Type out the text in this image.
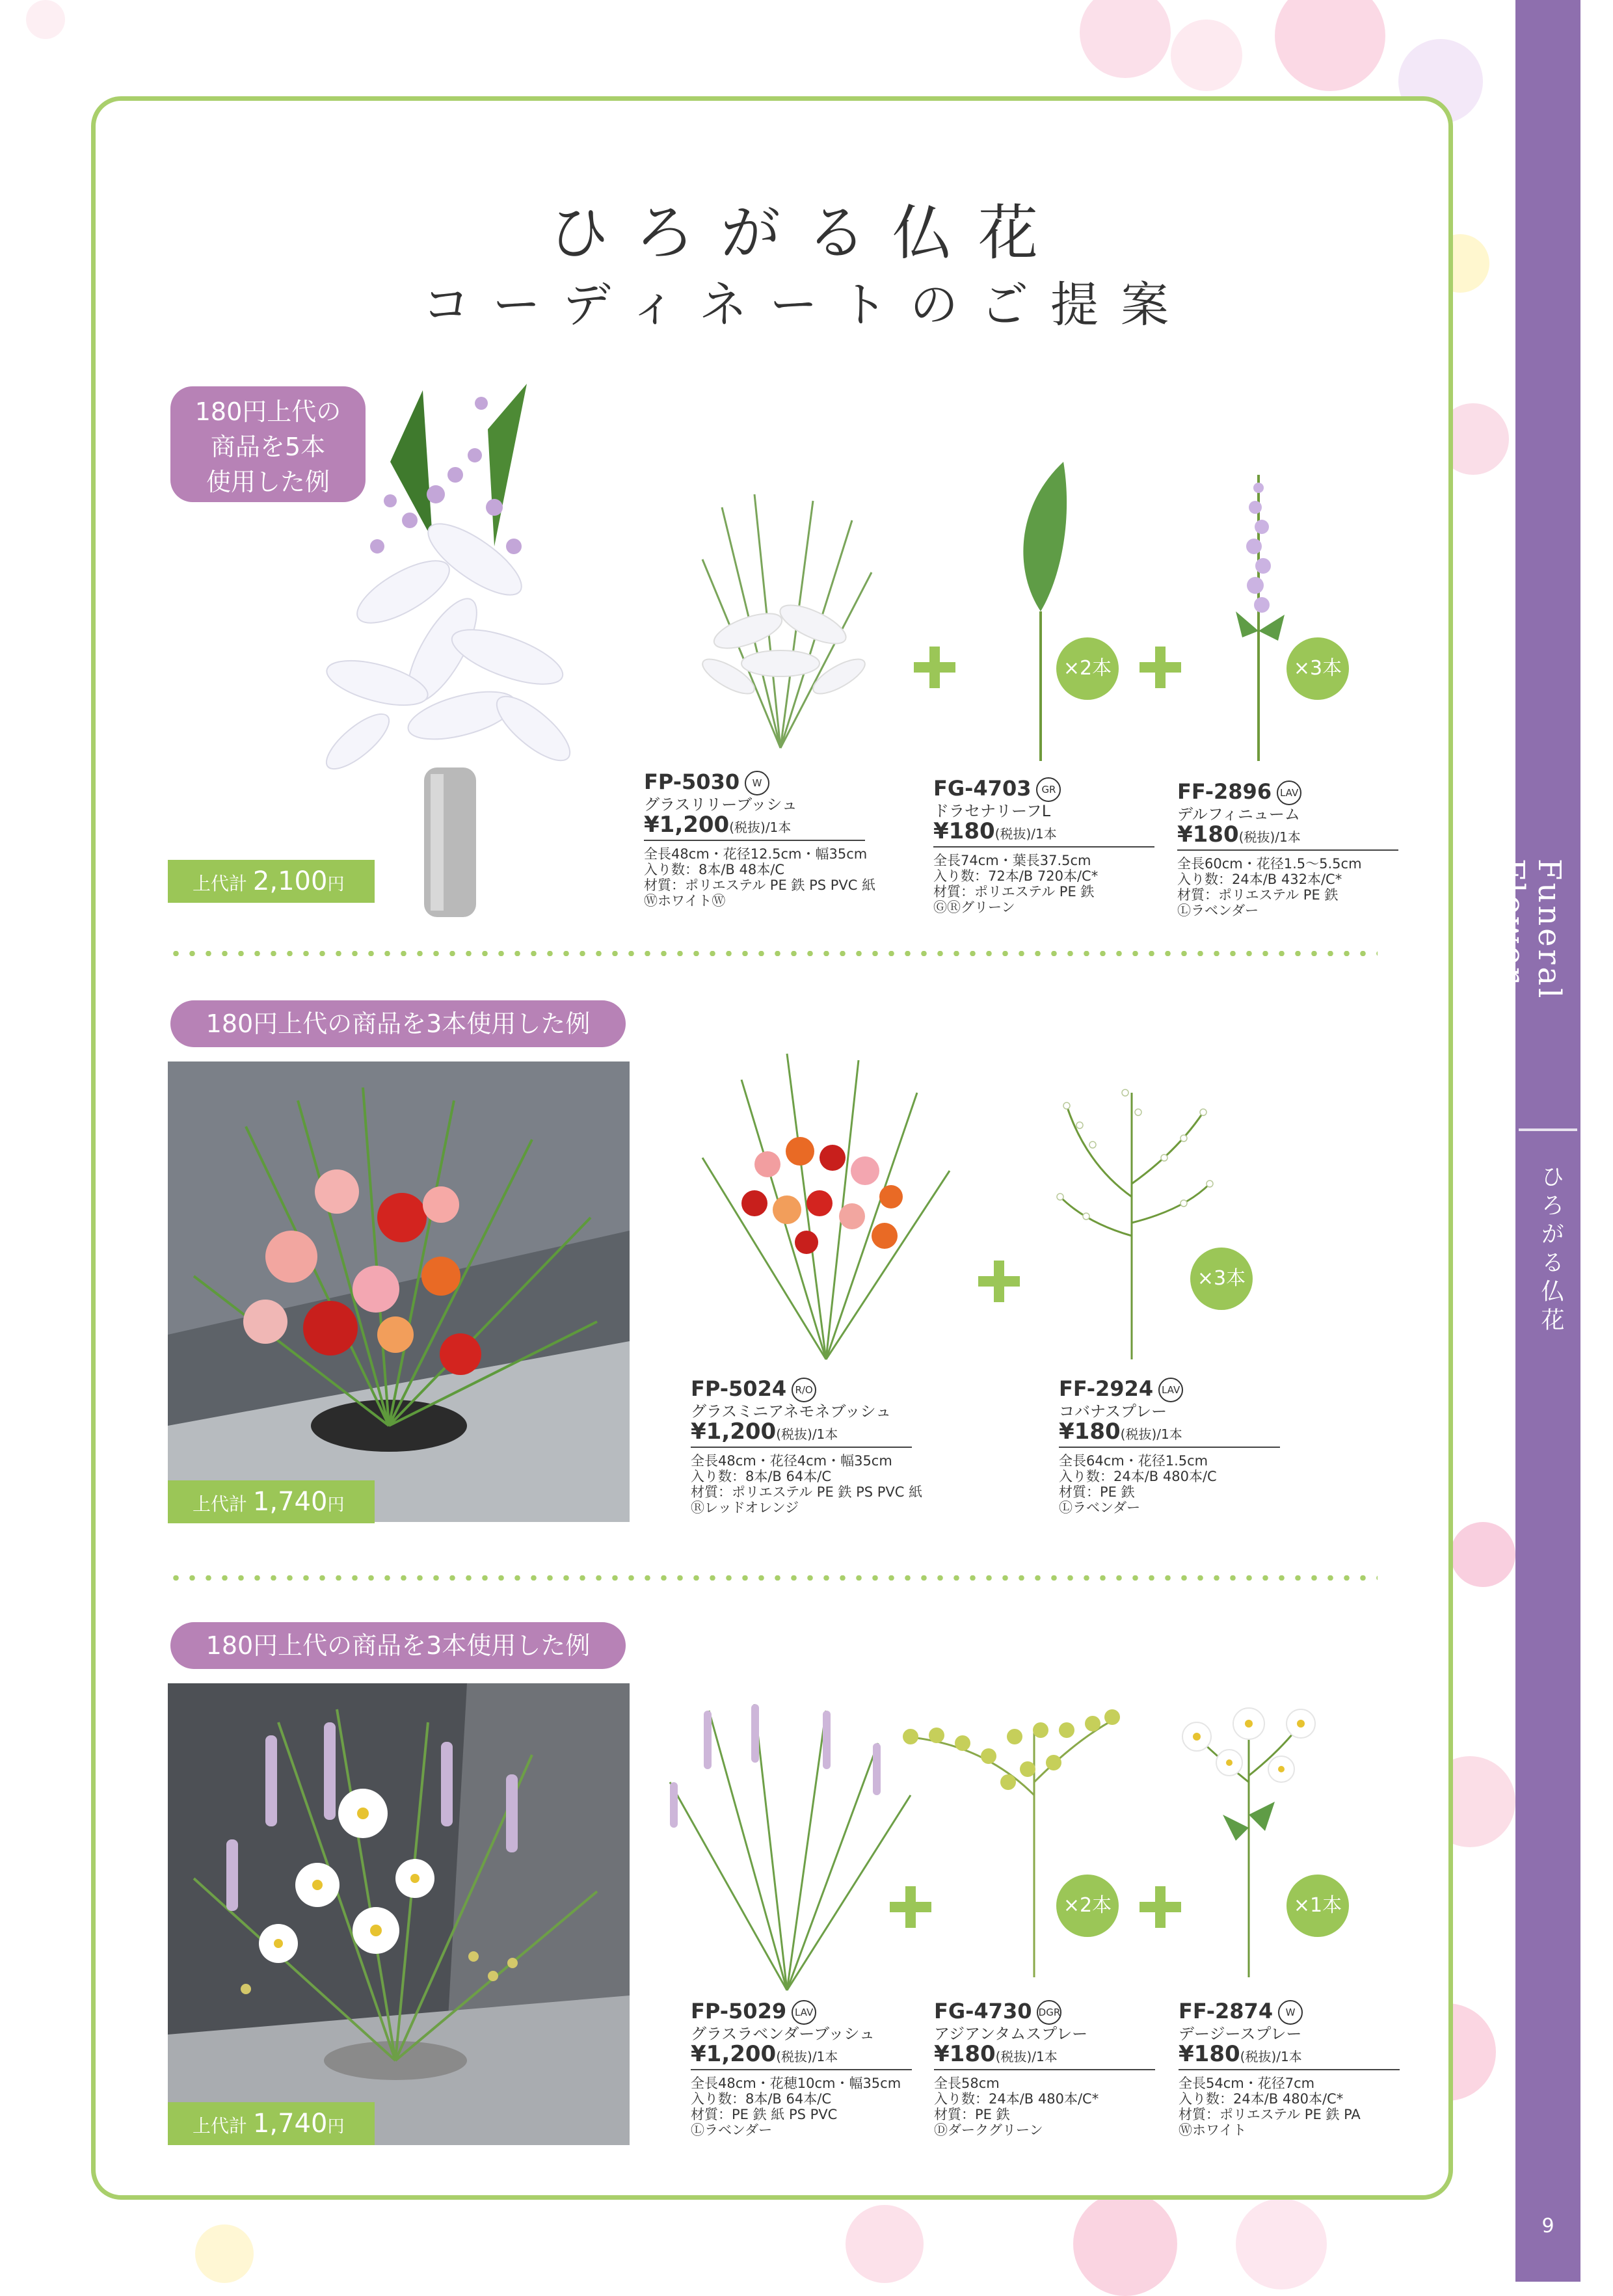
Funeral Flower
ひろがる仏花
9
ひろがる仏花
コーディネートのご提案
180円上代の
商品を5本
使用した例
上代計 2,100円
×2本	×3本
FP-5030 W
グラスリリーブッシュ
¥1,200(税抜)/1本
全長48cm・花径12.5cm・幅35cm
入り数：8本/B 48本/C
材質：ポリエステル PE 鉄 PS PVC 紙
ⓌホワイトⓌ
FG-4703 GR
ドラセナリーフL
¥180(税抜)/1本
全長74cm・葉長37.5cm
入り数：72本/B 720本/C*
材質：ポリエステル PE 鉄
ⒼⓇグリーン
FF-2896 LAV
デルフィニューム
¥180(税抜)/1本
全長60cm・花径1.5〜5.5cm
入り数：24本/B 432本/C*
材質：ポリエステル PE 鉄
Ⓛラベンダー
180円上代の商品を3本使用した例
上代計 1,740円
×3本
FP-5024 R/O
グラスミニアネモネブッシュ
¥1,200(税抜)/1本
全長48cm・花径4cm・幅35cm
入り数：8本/B 64本/C
材質：ポリエステル PE 鉄 PS PVC 紙
Ⓡレッドオレンジ
FF-2924 LAV
コバナスプレー
¥180(税抜)/1本
全長64cm・花径1.5cm
入り数：24本/B 480本/C
材質：PE 鉄
Ⓛラベンダー
180円上代の商品を3本使用した例
上代計 1,740円
×2本	×1本
FP-5029 LAV
グラスラベンダーブッシュ
¥1,200(税抜)/1本
全長48cm・花穂10cm・幅35cm
入り数：8本/B 64本/C
材質：PE 鉄 紙 PS PVC
Ⓛラベンダー
FG-4730 DGR
アジアンタムスプレー
¥180(税抜)/1本
全長58cm
入り数：24本/B 480本/C*
材質：PE 鉄
Ⓓダークグリーン
FF-2874 W
デージースプレー
¥180(税抜)/1本
全長54cm・花径7cm
入り数：24本/B 480本/C*
材質：ポリエステル PE 鉄 PA
Ⓦホワイト
